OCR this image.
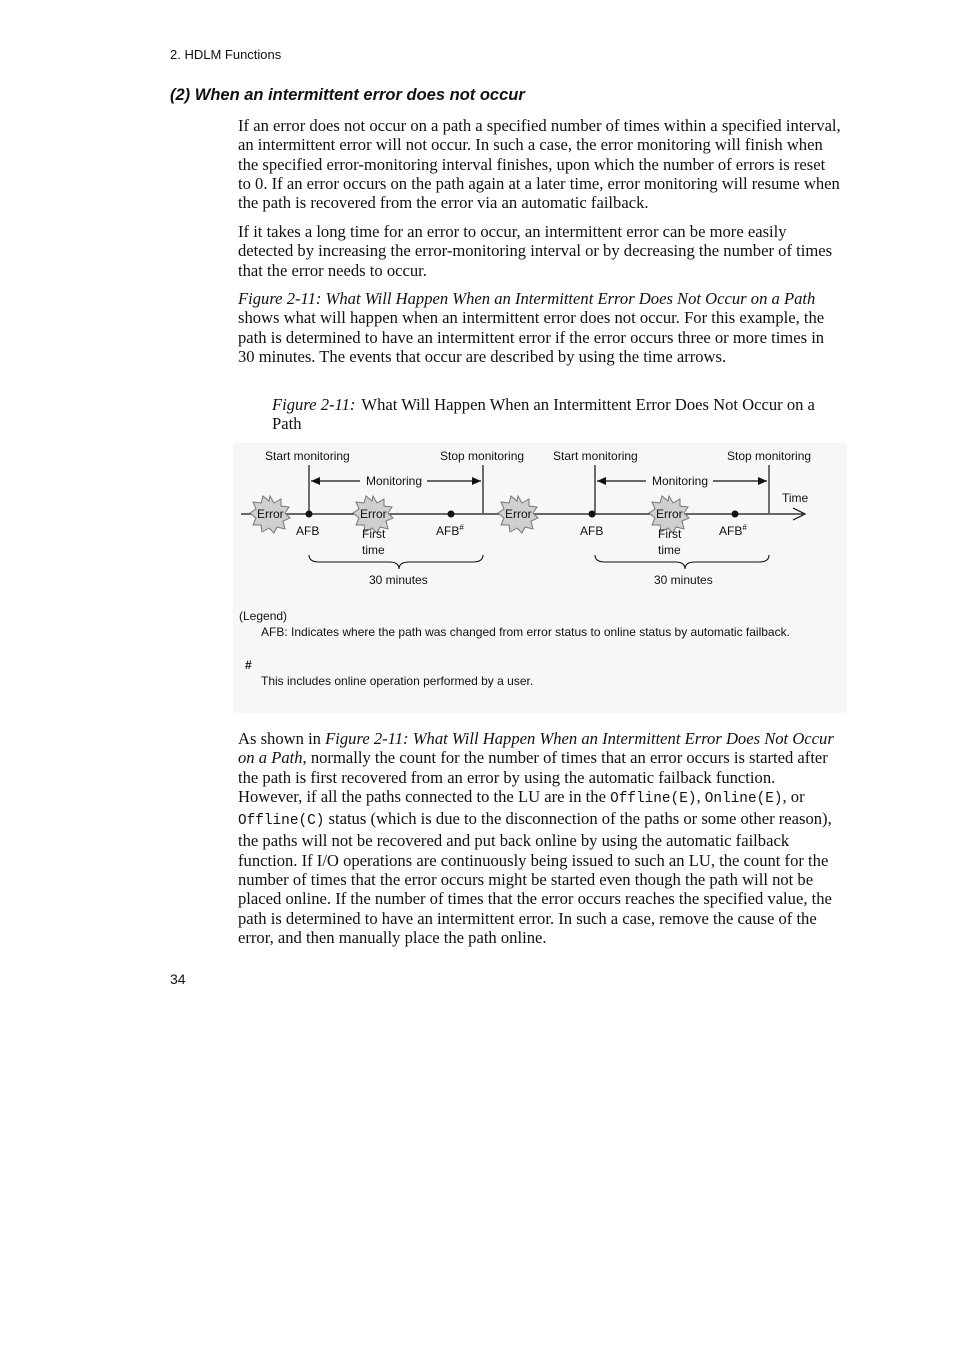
2. HDLM Functions
(2) When an intermittent error does not occur

If an error does not occur on a path a specified number of times within a specified interval, an intermittent error will not occur. In such a case, the error monitoring will finish when the specified error-monitoring interval finishes, upon which the number of errors is reset to 0. If an error occurs on the path again at a later time, error monitoring will resume when the path is recovered from the error via an automatic failback.

If it takes a long time for an error to occur, an intermittent error can be more easily detected by increasing the error-monitoring interval or by decreasing the number of times that the error needs to occur.

Figure 2-11: What Will Happen When an Intermittent Error Does Not Occur on a Path shows what will happen when an intermittent error does not occur. For this example, the path is determined to have an intermittent error if the error occurs three or more times in 30 minutes. The events that occur are described by using the time arrows.

Figure 2-11: What Will Happen When an Intermittent Error Does Not Occur on a Path
Start monitoring	Stop monitoring Start monitoring	Stop monitoring
Monitoring	Monitoring
Time
Error	Error	Error	Error
AFB	AFB#	AFB	AFB#
First
time
First
time
30 minutes	30 minutes
(Legend)
AFB: Indicates where the path was changed from error status to online status by automatic failback.
#
This includes online operation performed by a user.

As shown in Figure 2-11: What Will Happen When an Intermittent Error Does Not Occur on a Path, normally the count for the number of times that an error occurs is started after the path is first recovered from an error by using the automatic failback function. However, if all the paths connected to the LU are in the Offline(E), Online(E), or Offline(C) status (which is due to the disconnection of the paths or some other reason), the paths will not be recovered and put back online by using the automatic failback function. If I/O operations are continuously being issued to such an LU, the count for the number of times that the error occurs might be started even though the path will not be placed online. If the number of times that the error occurs reaches the specified value, the path is determined to have an intermittent error. In such a case, remove the cause of the error, and then manually place the path online.

34
